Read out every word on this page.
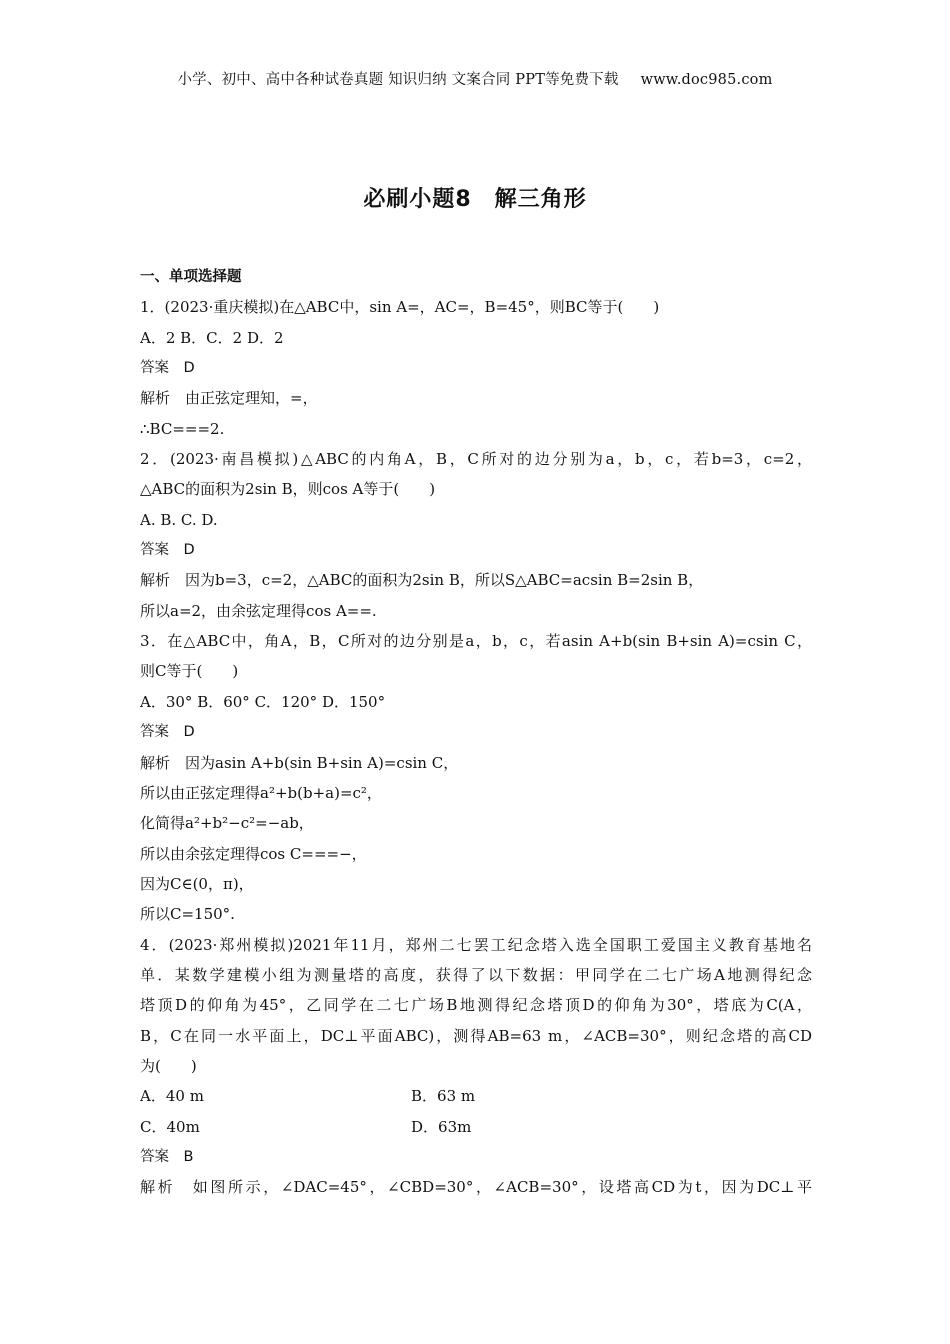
小学、初中、高中各种试卷真题 知识归纳 文案合同 PPT等免费下载 www.doc985.com
必刷小题8　解三角形
一、单项选择题
1．(2023·重庆模拟)在△ABC中，sin A=，AC=，B=45°，则BC等于(　　)
A．2 B．C．2 D．2
答案　D
解析　由正弦定理知，=，
∴BC===2.
2．(2023·南昌模拟)△ABC的内角A，B，C所对的边分别为a，b，c，若b=3，c=2，
△ABC的面积为2sin B，则cos A等于(　　)
A. B. C. D.
答案　D
解析　因为b=3，c=2，△ABC的面积为2sin B，所以S△ABC=acsin B=2sin B，
所以a=2，由余弦定理得cos A==.
3．在△ABC中，角A，B，C所对的边分别是a，b，c，若asin A+b(sin B+sin A)=csin C，
则C等于(　　)
A．30° B．60° C．120° D．150°
答案　D
解析　因为asin A+b(sin B+sin A)=csin C，
所以由正弦定理得a²+b(b+a)=c²，
化简得a²+b²−c²=−ab，
所以由余弦定理得cos C===−，
因为C∈(0，π)，
所以C=150°.
4．(2023·郑州模拟)2021年11月，郑州二七罢工纪念塔入选全国职工爱国主义教育基地名
单．某数学建模小组为测量塔的高度，获得了以下数据：甲同学在二七广场A地测得纪念
塔顶D的仰角为45°，乙同学在二七广场B地测得纪念塔顶D的仰角为30°，塔底为C(A，
B，C在同一水平面上，DC⊥平面ABC)，测得AB=63 m，∠ACB=30°，则纪念塔的高CD
为(　　)
A．40 m	B．63 m
C．40m	D．63m
答案　B
解析　如图所示，∠DAC=45°，∠CBD=30°，∠ACB=30°，设塔高CD为t，因为DC⊥平
